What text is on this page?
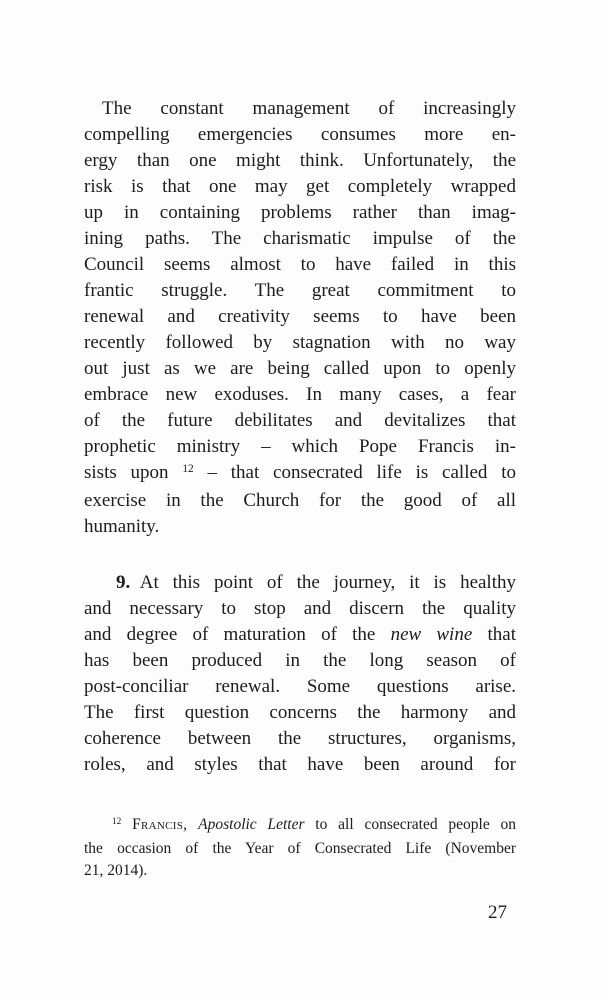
The constant management of increasingly
compelling emergencies consumes more en-
ergy than one might think. Unfortunately, the
risk is that one may get completely wrapped
up in containing problems rather than imag-
ining paths. The charismatic impulse of the
Council seems almost to have failed in this
frantic struggle. The great commitment to
renewal and creativity seems to have been
recently followed by stagnation with no way
out just as we are being called upon to openly
embrace new exoduses. In many cases, a fear
of the future debilitates and devitalizes that
prophetic ministry – which Pope Francis in-
sists upon $^{12}$ – that consecrated life is called to
exercise in the Church for the good of all
humanity.
9. At this point of the journey, it is healthy
and necessary to stop and discern the quality
and degree of maturation of the new wine that
has been produced in the long season of
post-conciliar renewal. Some questions arise.
The first question concerns the harmony and
coherence between the structures, organisms,
roles, and styles that have been around for
$^{12}$ Francis, Apostolic Letter to all consecrated people on
the occasion of the Year of Consecrated Life (November
21, 2014).
27
